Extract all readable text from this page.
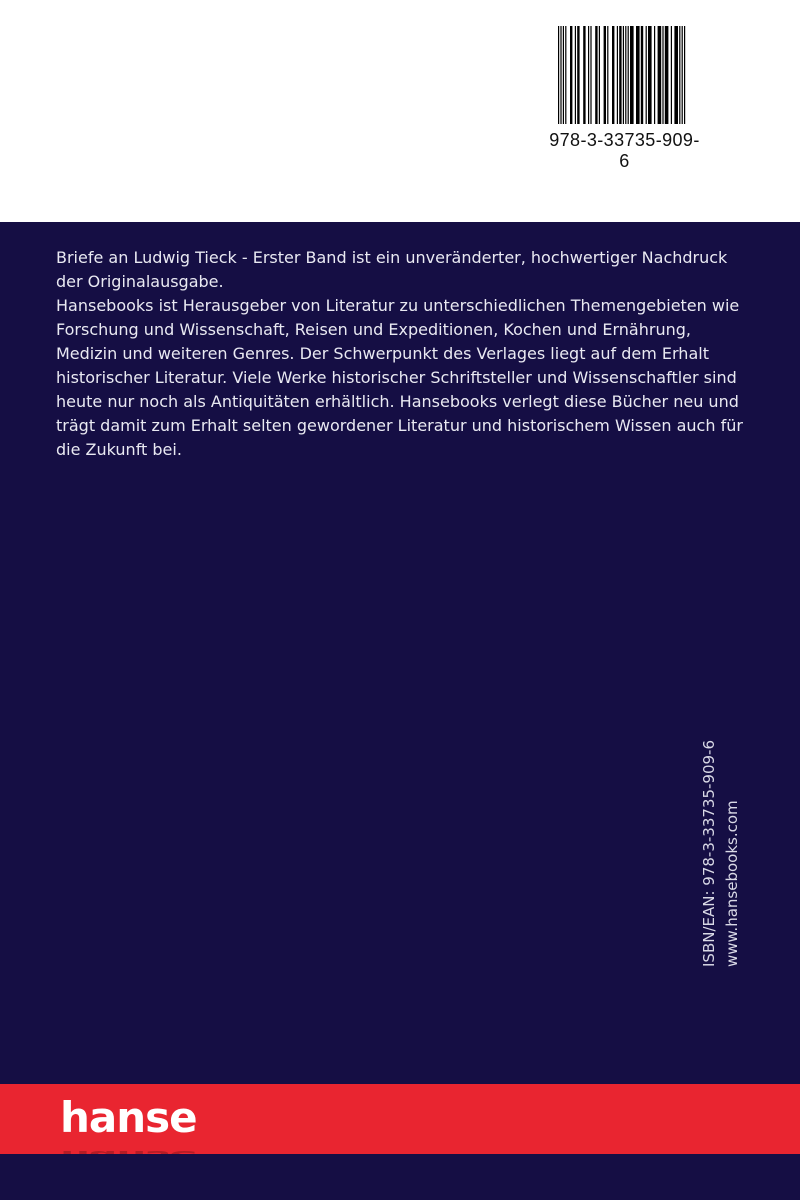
978-3-33735-909-6

Briefe an Ludwig Tieck - Erster Band ist ein unveränderter, hochwertiger Nachdruck der Originalausgabe.

Hansebooks ist Herausgeber von Literatur zu unterschiedlichen Themengebieten wie Forschung und Wissenschaft, Reisen und Expeditionen, Kochen und Ernährung, Medizin und weiteren Genres. Der Schwerpunkt des Verlages liegt auf dem Erhalt historischer Literatur. Viele Werke historischer Schriftsteller und Wissenschaftler sind heute nur noch als Antiquitäten erhältlich. Hansebooks verlegt diese Bücher neu und trägt damit zum Erhalt selten gewordener Literatur und historischem Wissen auch für die Zukunft bei.

ISBN/EAN: 978-3-33735-909-6 www.hansebooks.com
hanse
